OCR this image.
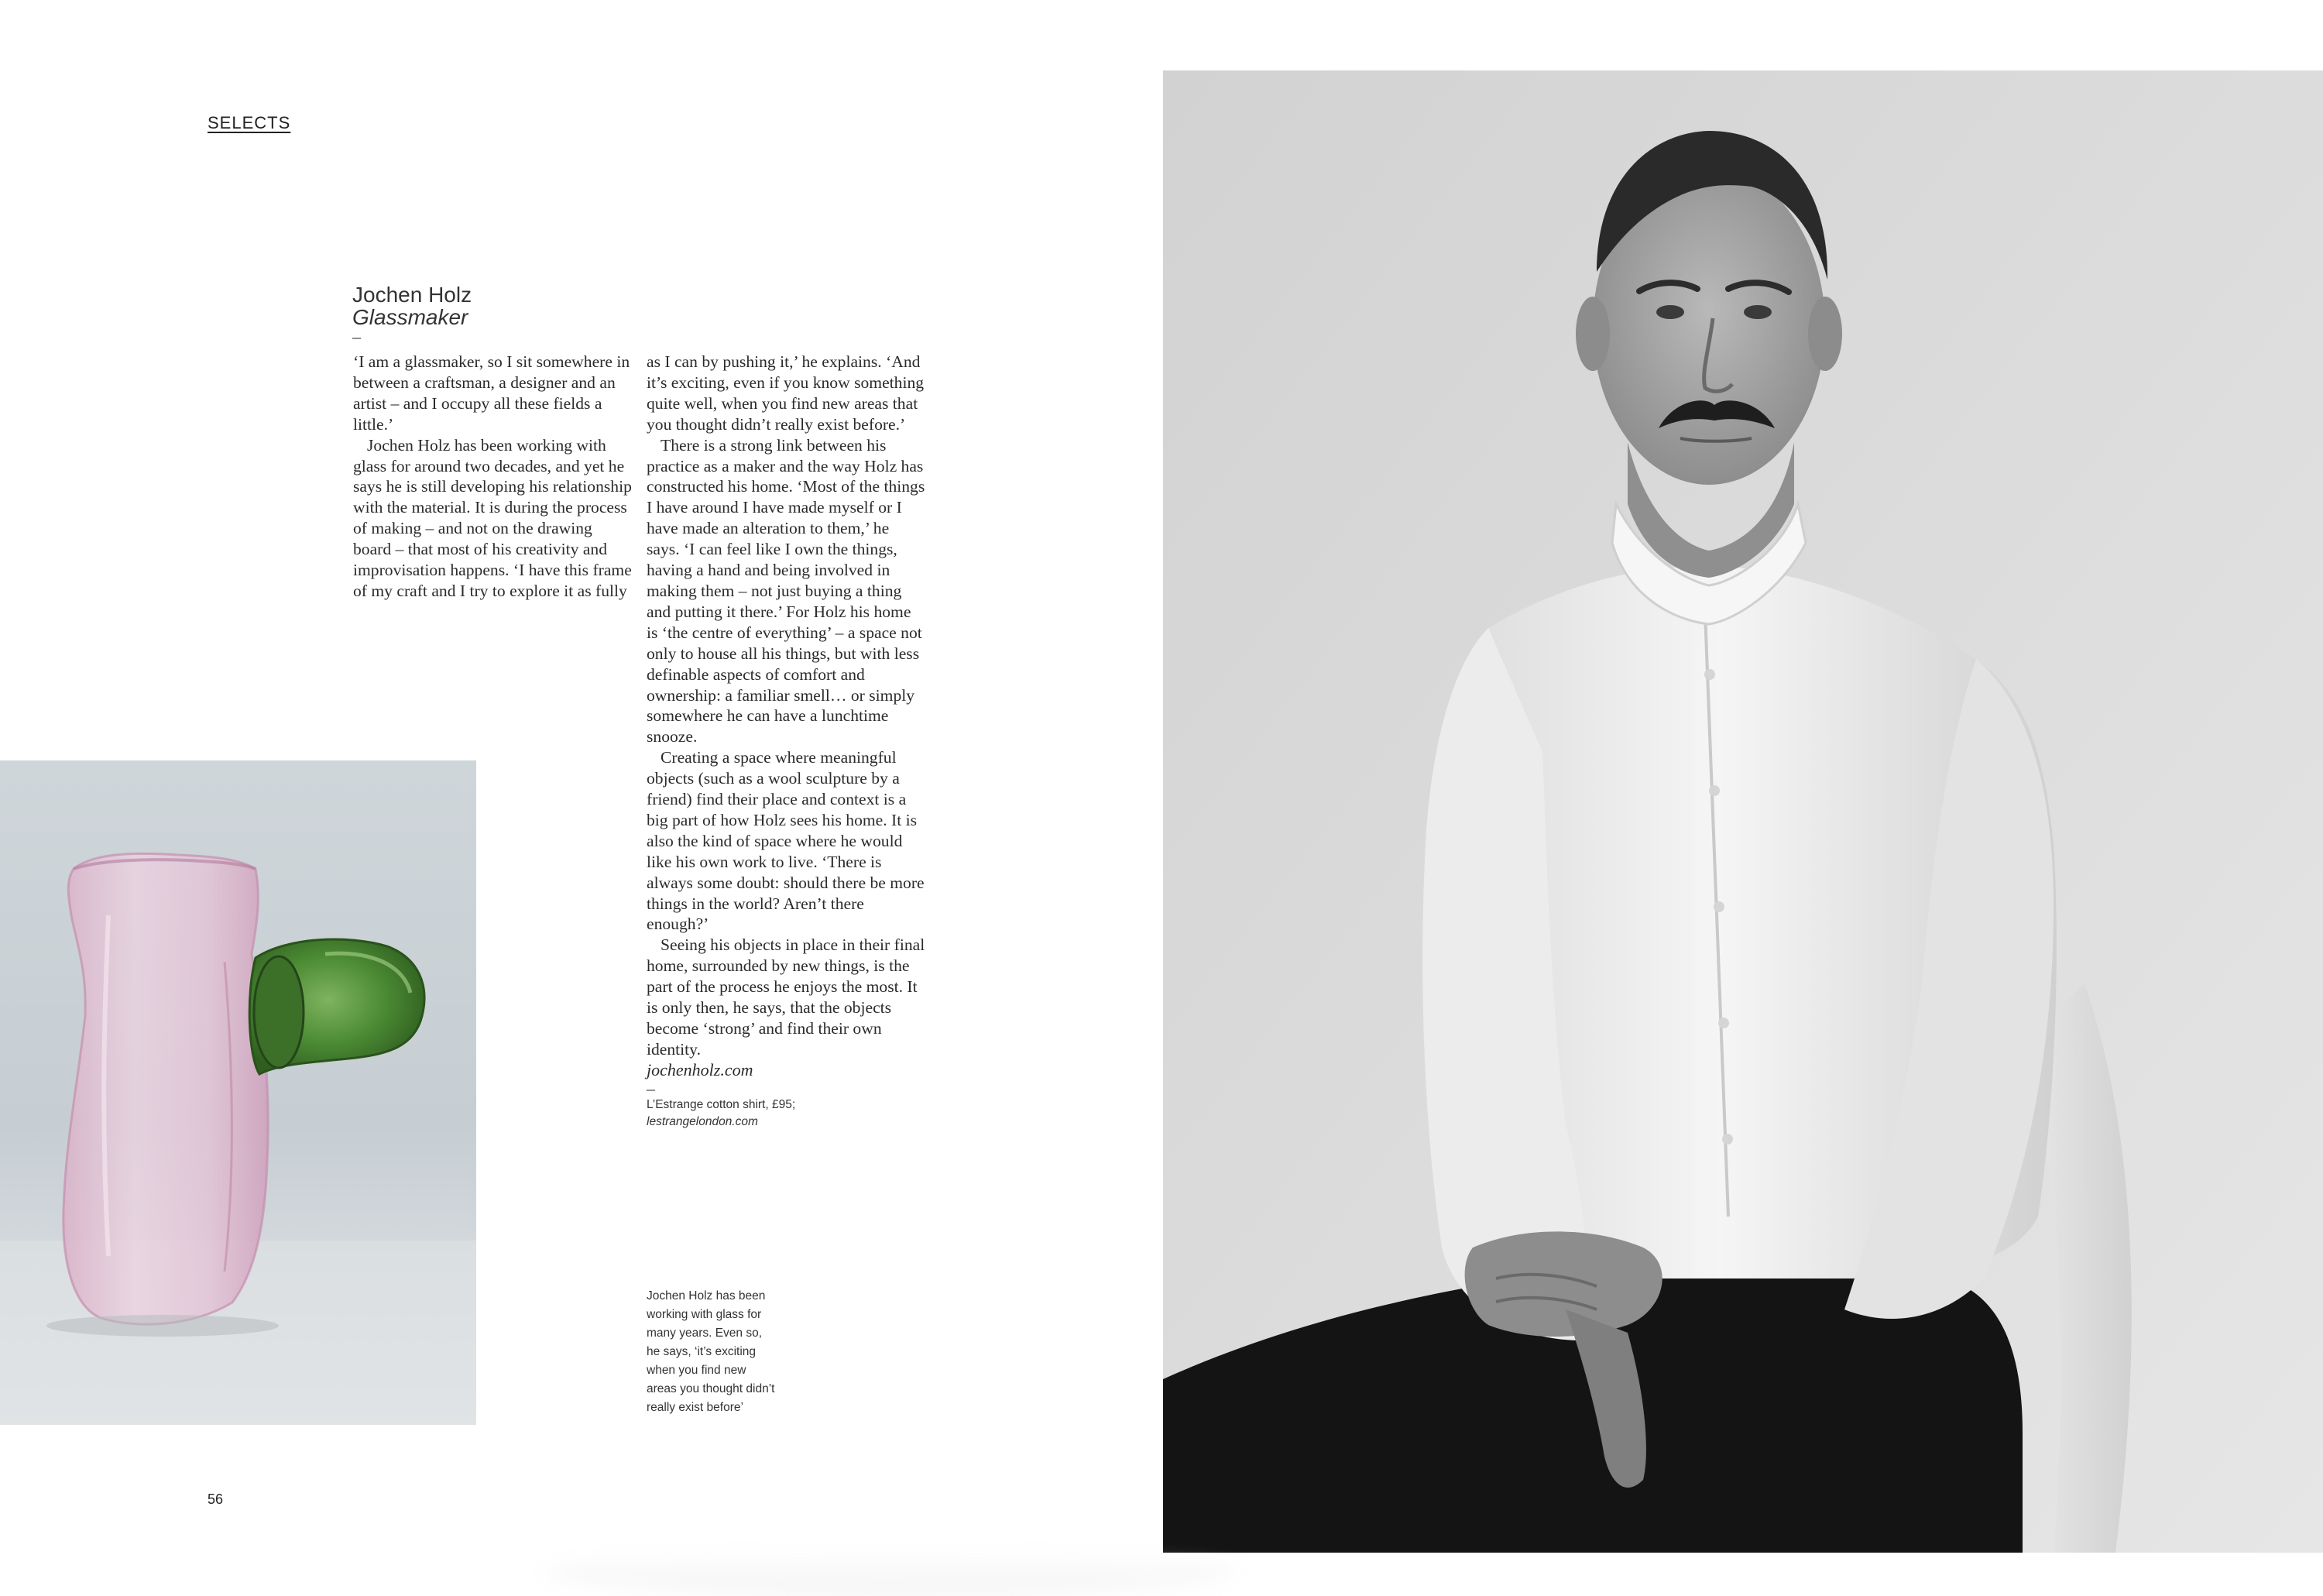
SELECTS
Jochen Holz
Glassmaker
–

‘I am a glassmaker, so I sit somewhere in between a craftsman, a designer and an artist – and I occupy all these fields a little.’

Jochen Holz has been working with glass for around two decades, and yet he says he is still developing his relationship with the material. It is during the process of making – and not on the drawing board – that most of his creativity and improvisation happens. ‘I have this frame of my craft and I try to explore it as fully

as I can by pushing it,’ he explains. ‘And it’s exciting, even if you know something quite well, when you find new areas that you thought didn’t really exist before.’

There is a strong link between his practice as a maker and the way Holz has constructed his home. ‘Most of the things I have around I have made myself or I have made an alteration to them,’ he says. ‘I can feel like I own the things, having a hand and being involved in making them – not just buying a thing and putting it there.’ For Holz his home is ‘the centre of everything’ – a space not only to house all his things, but with less definable aspects of comfort and ownership: a familiar smell… or simply somewhere he can have a lunchtime snooze.

Creating a space where meaningful objects (such as a wool sculpture by a friend) find their place and context is a big part of how Holz sees his home. It is also the kind of space where he would like his own work to live. ‘There is always some doubt: should there be more things in the world? Aren’t there enough?’

Seeing his objects in place in their final home, surrounded by new things, is the part of the process he enjoys the most. It is only then, he says, that the objects become ‘strong’ and find their own identity.

jochenholz.com
–
L’Estrange cotton shirt, £95;
lestrangelondon.com
Jochen Holz has been working with glass for many years. Even so, he says, ‘it’s exciting when you find new areas you thought didn’t really exist before’
56
